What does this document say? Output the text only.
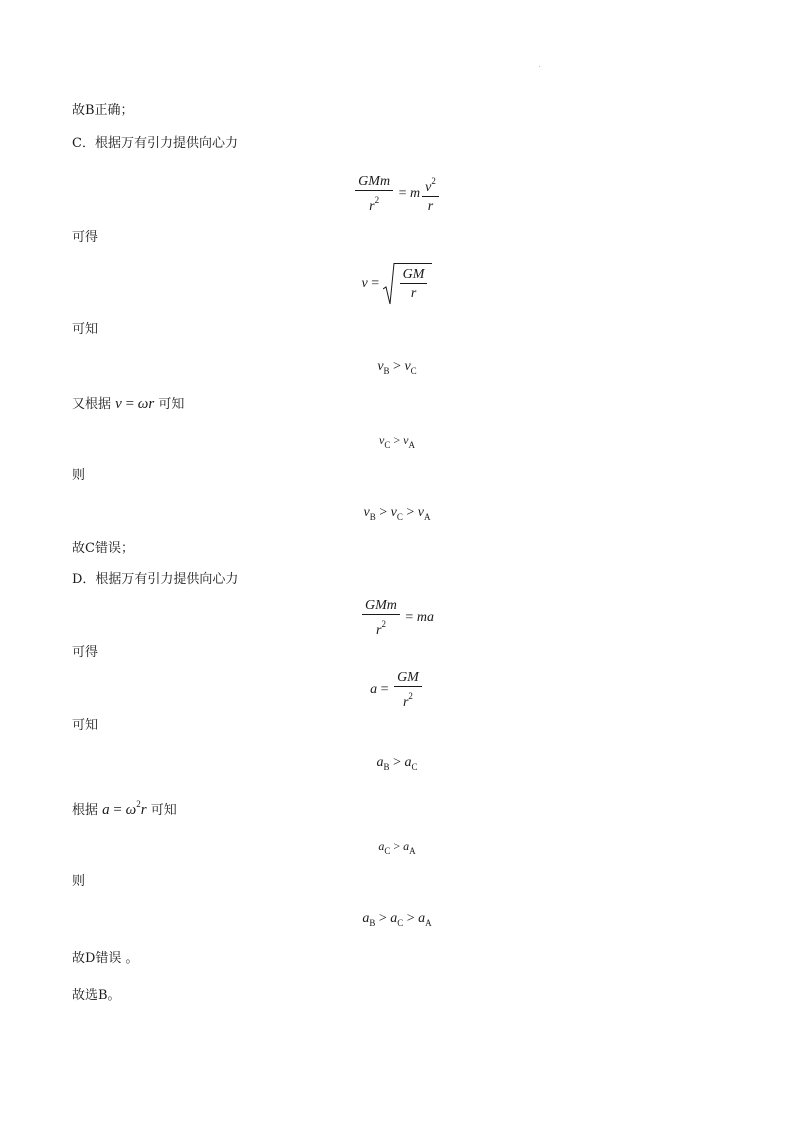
故B正确；
C．根据万有引力提供向心力
$\frac{\text{GMm}}{r^2} = m \frac{v^2}{r}$
可得
$v = \frac{GM}{r}$
可知
$v_B > v_C$
又根据 v = ωr 可知
$v_C > v_A$
则
$v_B > v_C > v_A$
故C错误；
D．根据万有引力提供向心力
$\frac{\text{GMm}}{r^2}$ = ma
可得
$a = \frac{GM}{r^2}$
可知
$a_B > a_C$
根据 $a = \omega^2r$ 可知
$a_C > a_A$
则
$a_B > a_C > a_A$
故D错误 。
故选B。
